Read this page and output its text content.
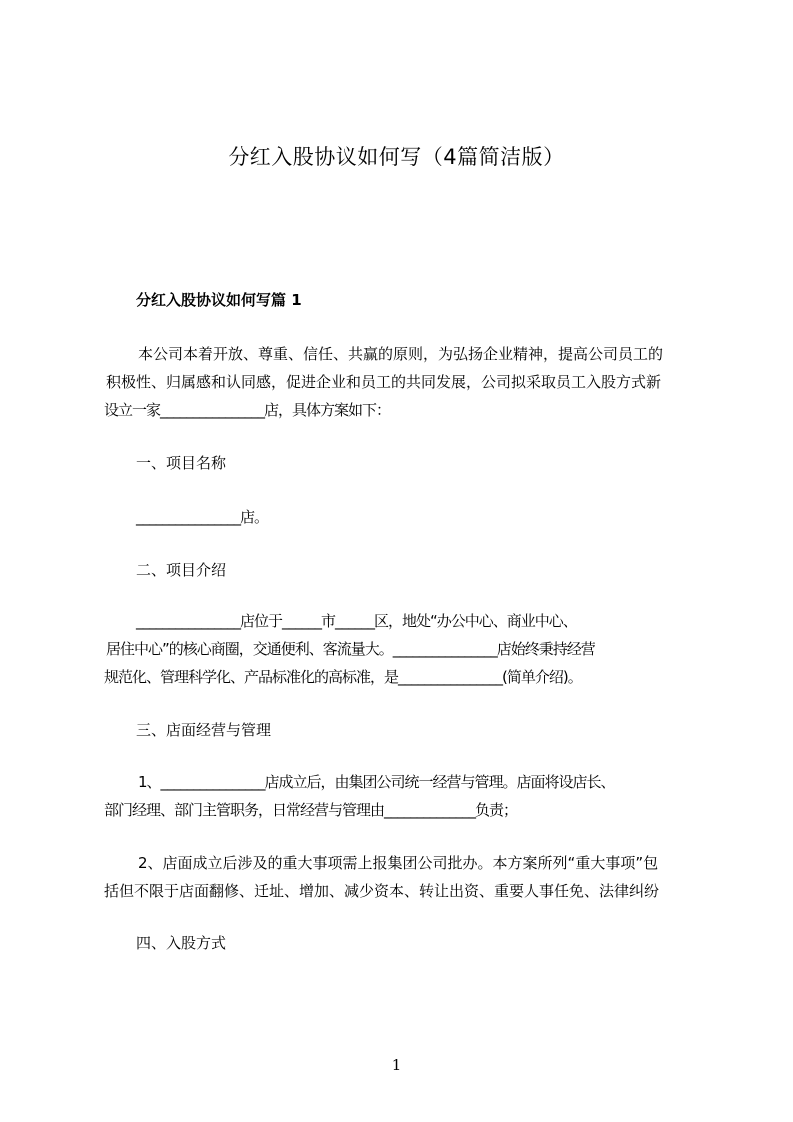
分红入股协议如何写（4篇简洁版）
分红入股协议如何写篇 1
本公司本着开放、尊重、信任、共赢的原则，为弘扬企业精神，提高公司员工的
积极性、归属感和认同感，促进企业和员工的共同发展，公司拟采取员工入股方式新
设立一家________________店，具体方案如下：
一、项目名称
________________店。
二、项目介绍
________________店位于______市______区，地处“办公中心、商业中心、
居住中心”的核心商圈，交通便利、客流量大。________________店始终秉持经营
规范化、管理科学化、产品标准化的高标准，是________________(简单介绍)。
三、店面经营与管理
1、________________店成立后，由集团公司统一经营与管理。店面将设店长、
部门经理、部门主管职务，日常经营与管理由______________负责；
2、店面成立后涉及的重大事项需上报集团公司批办。本方案所列“重大事项”包
括但不限于店面翻修、迁址、增加、减少资本、转让出资、重要人事任免、法律纠纷
四、入股方式
1
